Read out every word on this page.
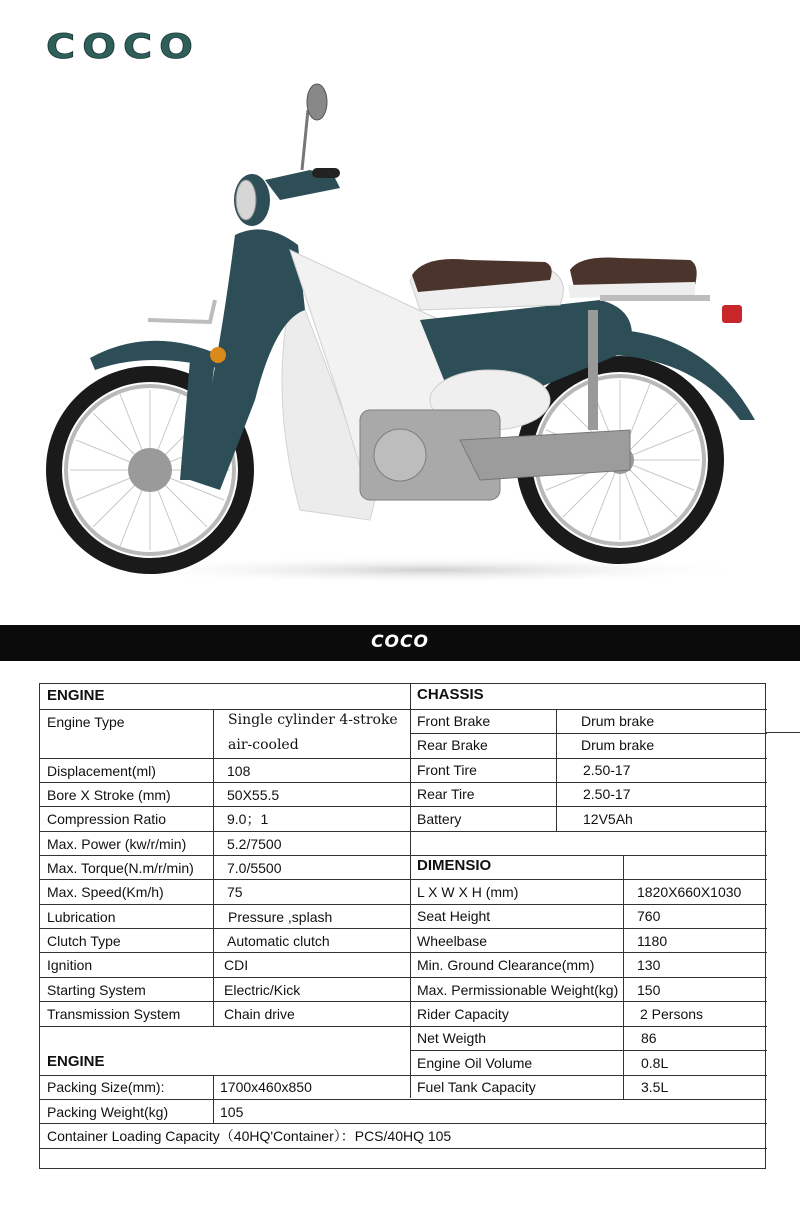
COCO
COCO
ENGINE
Engine Type	Single cylinder 4-stroke
air-cooled
Displacement(ml)	108
Bore X Stroke (mm)	50X55.5
Compression Ratio	9.0；1
Max. Power (kw/r/min)	5.2/7500
Max. Torque(N.m/r/min) 7.0/5500
Max. Speed(Km/h)	75
Lubrication	Pressure ,splash
Clutch Type	Automatic clutch
Ignition	CDI
Starting System	Electric/Kick
Transmission System	Chain drive
ENGINE
Packing Size(mm):	1700x460x850
Packing Weight(kg)	105
Container Loading Capacity（40HQ'Container）：PCS/40HQ 105
CHASSIS
Front Brake	Drum brake
Rear Brake	Drum brake
Front Tire	2.50-17
Rear Tire	2.50-17
Battery	12V5Ah
DIMENSIO
L X W X H (mm)	1820X660X1030
Seat Height	760
Wheelbase	1180
Min. Ground Clearance(mm)	130
Max. Permissionable Weight(kg) 150
Rider Capacity	2 Persons
Net Weigth	86
Engine Oil Volume	0.8L
Fuel Tank Capacity	3.5L
